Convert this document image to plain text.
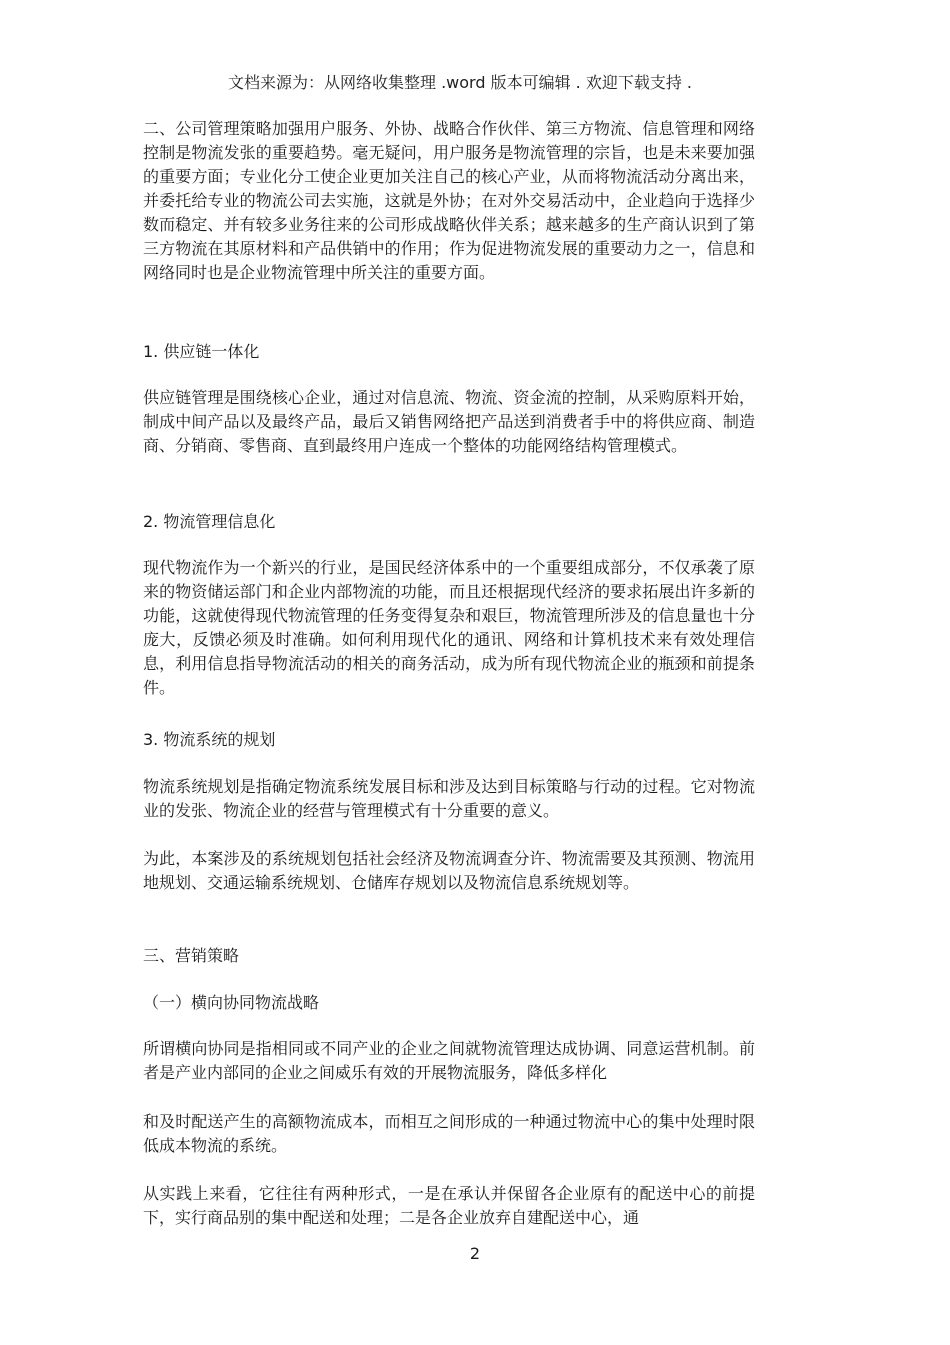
文档来源为：从网络收集整理 .word 版本可编辑 . 欢迎下载支持 .
二、公司管理策略加强用户服务、外协、战略合作伙伴、第三方物流、信息管理和网络控制是物流发张的重要趋势。毫无疑问，用户服务是物流管理的宗旨，也是未来要加强的重要方面；专业化分工使企业更加关注自己的核心产业，从而将物流活动分离出来，并委托给专业的物流公司去实施，这就是外协；在对外交易活动中，企业趋向于选择少数而稳定、并有较多业务往来的公司形成战略伙伴关系；越来越多的生产商认识到了第三方物流在其原材料和产品供销中的作用；作为促进物流发展的重要动力之一，信息和网络同时也是企业物流管理中所关注的重要方面。
1. 供应链一体化
供应链管理是围绕核心企业，通过对信息流、物流、资金流的控制，从采购原料开始，制成中间产品以及最终产品，最后又销售网络把产品送到消费者手中的将供应商、制造商、分销商、零售商、直到最终用户连成一个整体的功能网络结构管理模式。
2. 物流管理信息化
现代物流作为一个新兴的行业，是国民经济体系中的一个重要组成部分，不仅承袭了原来的物资储运部门和企业内部物流的功能，而且还根据现代经济的要求拓展出许多新的功能，这就使得现代物流管理的任务变得复杂和艰巨，物流管理所涉及的信息量也十分庞大，反馈必须及时准确。如何利用现代化的通讯、网络和计算机技术来有效处理信息，利用信息指导物流活动的相关的商务活动，成为所有现代物流企业的瓶颈和前提条件。
3. 物流系统的规划
物流系统规划是指确定物流系统发展目标和涉及达到目标策略与行动的过程。它对物流业的发张、物流企业的经营与管理模式有十分重要的意义。
为此，本案涉及的系统规划包括社会经济及物流调查分许、物流需要及其预测、物流用地规划、交通运输系统规划、仓储库存规划以及物流信息系统规划等。
三、营销策略
（一）横向协同物流战略
所谓横向协同是指相同或不同产业的企业之间就物流管理达成协调、同意运营机制。前者是产业内部同的企业之间威乐有效的开展物流服务，降低多样化
和及时配送产生的高额物流成本，而相互之间形成的一种通过物流中心的集中处理时限低成本物流的系统。
从实践上来看，它往往有两种形式，一是在承认并保留各企业原有的配送中心的前提下，实行商品别的集中配送和处理；二是各企业放弃自建配送中心，通
2
